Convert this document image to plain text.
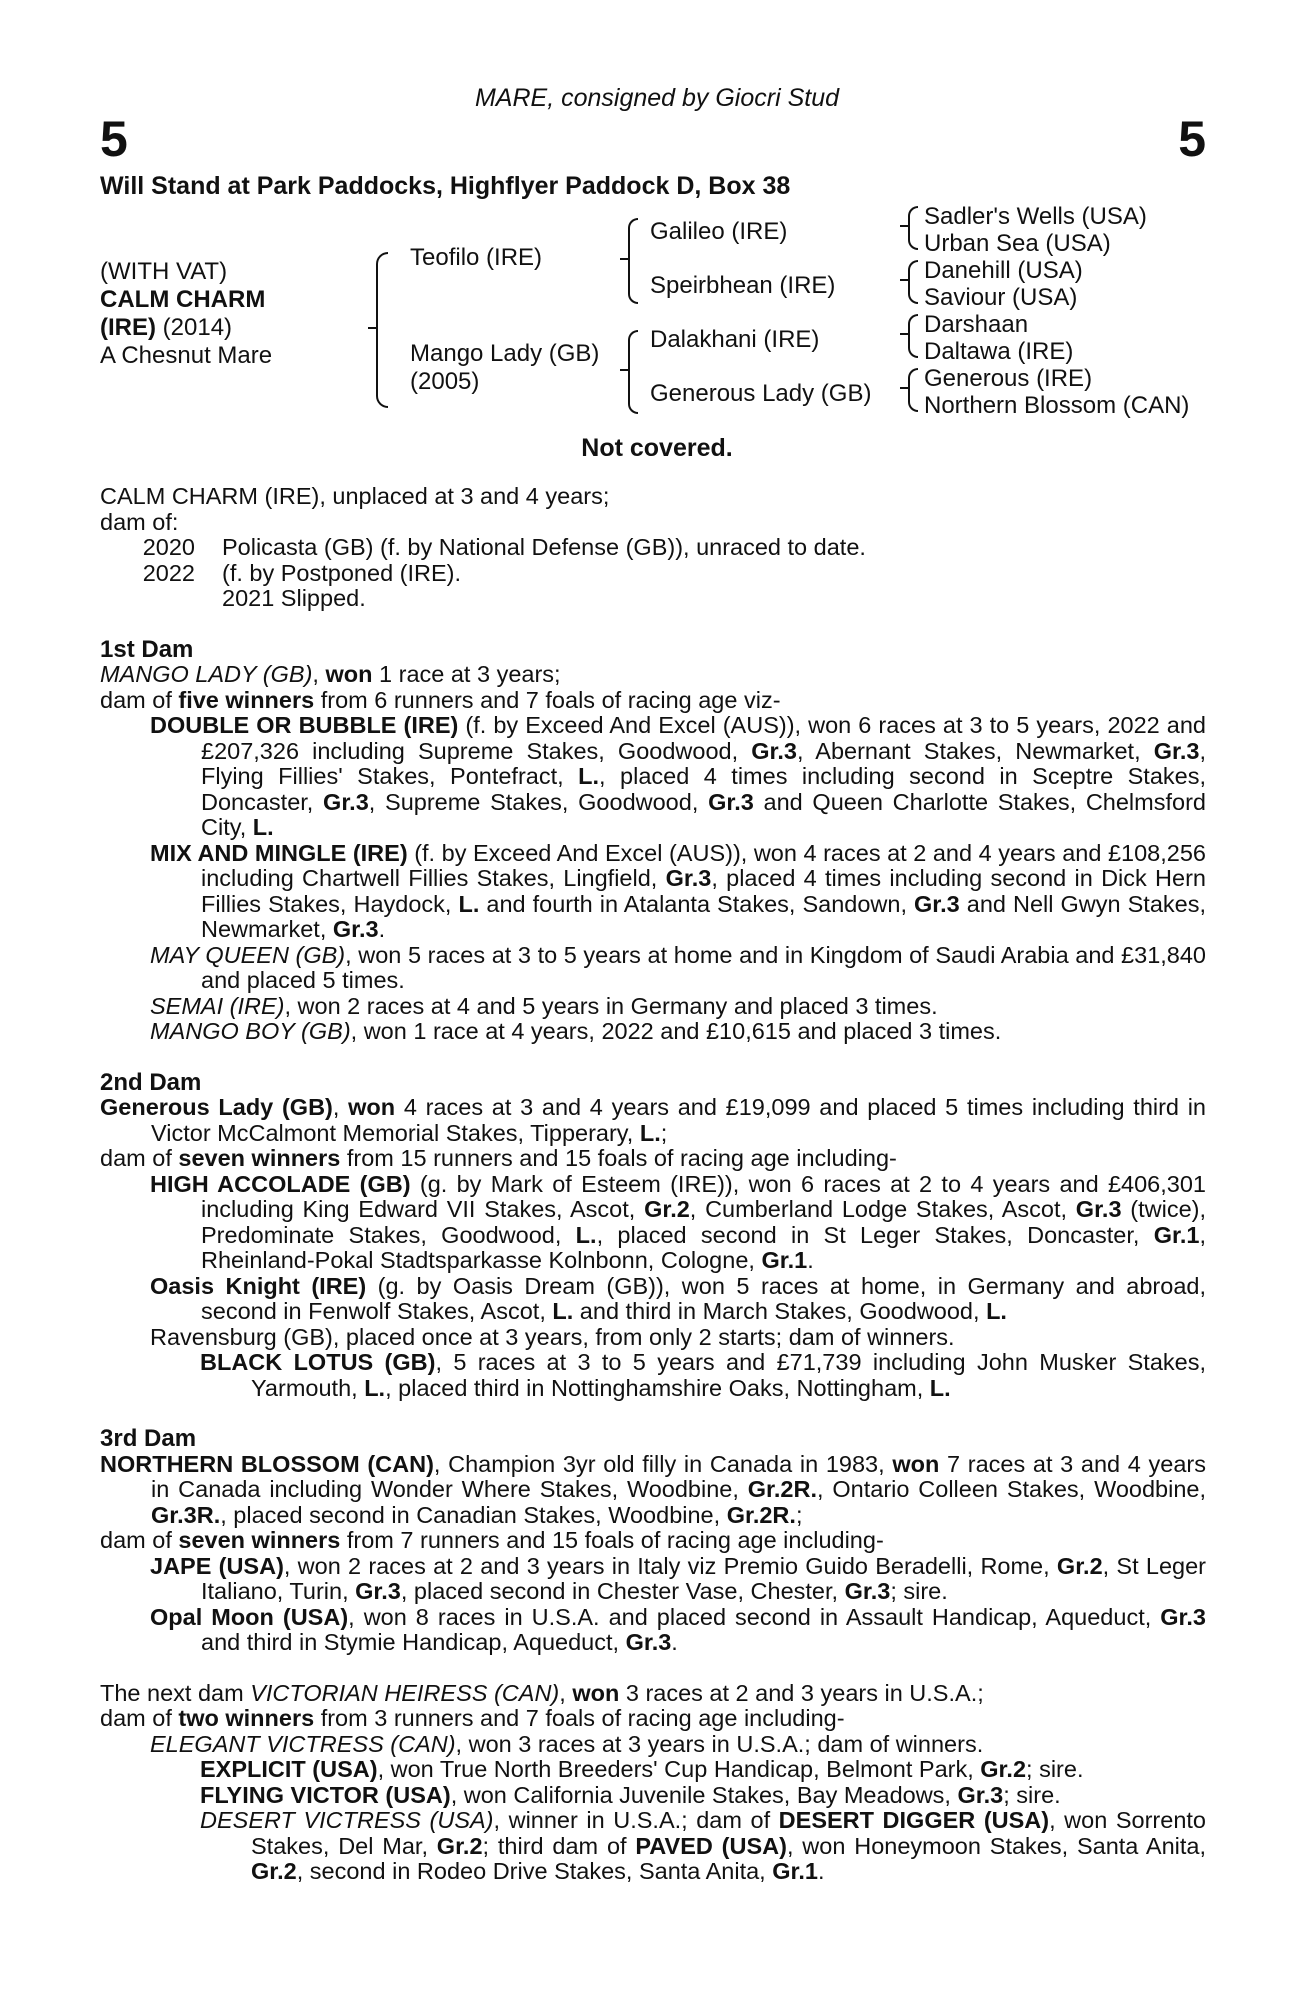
MARE, consigned by Giocri Stud
5	5
Will Stand at Park Paddocks, Highflyer Paddock D, Box 38
(WITH VAT)
CALM CHARM
(IRE) (2014)
A Chesnut Mare
Teofilo (IRE)
Mango Lady (GB)
(2005)
Galileo (IRE)
Speirbhean (IRE)
Dalakhani (IRE)
Generous Lady (GB)
Sadler's Wells (USA)
Urban Sea (USA)
Danehill (USA)
Saviour (USA)
Darshaan
Daltawa (IRE)
Generous (IRE)
Northern Blossom (CAN)
Not covered.

CALM CHARM (IRE), unplaced at 3 and 4 years;

dam of:

2020	Policasta (GB) (f. by National Defense (GB)), unraced to date.
2022	(f. by Postponed (IRE).
2021 Slipped.

1st Dam

MANGO LADY (GB), won 1 race at 3 years;

dam of five winners from 6 runners and 7 foals of racing age viz-

DOUBLE OR BUBBLE (IRE) (f. by Exceed And Excel (AUS)), won 6 races at 3 to 5 years, 2022 and £207,326 including Supreme Stakes, Goodwood, Gr.3, Abernant Stakes, Newmarket, Gr.3, Flying Fillies' Stakes, Pontefract, L., placed 4 times including second in Sceptre Stakes, Doncaster, Gr.3, Supreme Stakes, Goodwood, Gr.3 and Queen Charlotte Stakes, Chelmsford City, L.

MIX AND MINGLE (IRE) (f. by Exceed And Excel (AUS)), won 4 races at 2 and 4 years and £108,256 including Chartwell Fillies Stakes, Lingfield, Gr.3, placed 4 times including second in Dick Hern Fillies Stakes, Haydock, L. and fourth in Atalanta Stakes, Sandown, Gr.3 and Nell Gwyn Stakes, Newmarket, Gr.3.

MAY QUEEN (GB), won 5 races at 3 to 5 years at home and in Kingdom of Saudi Arabia and £31,840 and placed 5 times.

SEMAI (IRE), won 2 races at 4 and 5 years in Germany and placed 3 times.

MANGO BOY (GB), won 1 race at 4 years, 2022 and £10,615 and placed 3 times.

2nd Dam

Generous Lady (GB), won 4 races at 3 and 4 years and £19,099 and placed 5 times including third in Victor McCalmont Memorial Stakes, Tipperary, L.;

dam of seven winners from 15 runners and 15 foals of racing age including-

HIGH ACCOLADE (GB) (g. by Mark of Esteem (IRE)), won 6 races at 2 to 4 years and £406,301 including King Edward VII Stakes, Ascot, Gr.2, Cumberland Lodge Stakes, Ascot, Gr.3 (twice), Predominate Stakes, Goodwood, L., placed second in St Leger Stakes, Doncaster, Gr.1, Rheinland-Pokal Stadtsparkasse Kolnbonn, Cologne, Gr.1.

Oasis Knight (IRE) (g. by Oasis Dream (GB)), won 5 races at home, in Germany and abroad, second in Fenwolf Stakes, Ascot, L. and third in March Stakes, Goodwood, L.

Ravensburg (GB), placed once at 3 years, from only 2 starts; dam of winners.

BLACK LOTUS (GB), 5 races at 3 to 5 years and £71,739 including John Musker Stakes, Yarmouth, L., placed third in Nottinghamshire Oaks, Nottingham, L.

3rd Dam

NORTHERN BLOSSOM (CAN), Champion 3yr old filly in Canada in 1983, won 7 races at 3 and 4 years in Canada including Wonder Where Stakes, Woodbine, Gr.2R., Ontario Colleen Stakes, Woodbine, Gr.3R., placed second in Canadian Stakes, Woodbine, Gr.2R.;

dam of seven winners from 7 runners and 15 foals of racing age including-

JAPE (USA), won 2 races at 2 and 3 years in Italy viz Premio Guido Beradelli, Rome, Gr.2, St Leger Italiano, Turin, Gr.3, placed second in Chester Vase, Chester, Gr.3; sire.

Opal Moon (USA), won 8 races in U.S.A. and placed second in Assault Handicap, Aqueduct, Gr.3 and third in Stymie Handicap, Aqueduct, Gr.3.

The next dam VICTORIAN HEIRESS (CAN), won 3 races at 2 and 3 years in U.S.A.;

dam of two winners from 3 runners and 7 foals of racing age including-

ELEGANT VICTRESS (CAN), won 3 races at 3 years in U.S.A.; dam of winners.

EXPLICIT (USA), won True North Breeders' Cup Handicap, Belmont Park, Gr.2; sire.

FLYING VICTOR (USA), won California Juvenile Stakes, Bay Meadows, Gr.3; sire.

DESERT VICTRESS (USA), winner in U.S.A.; dam of DESERT DIGGER (USA), won Sorrento Stakes, Del Mar, Gr.2; third dam of PAVED (USA), won Honeymoon Stakes, Santa Anita, Gr.2, second in Rodeo Drive Stakes, Santa Anita, Gr.1.
